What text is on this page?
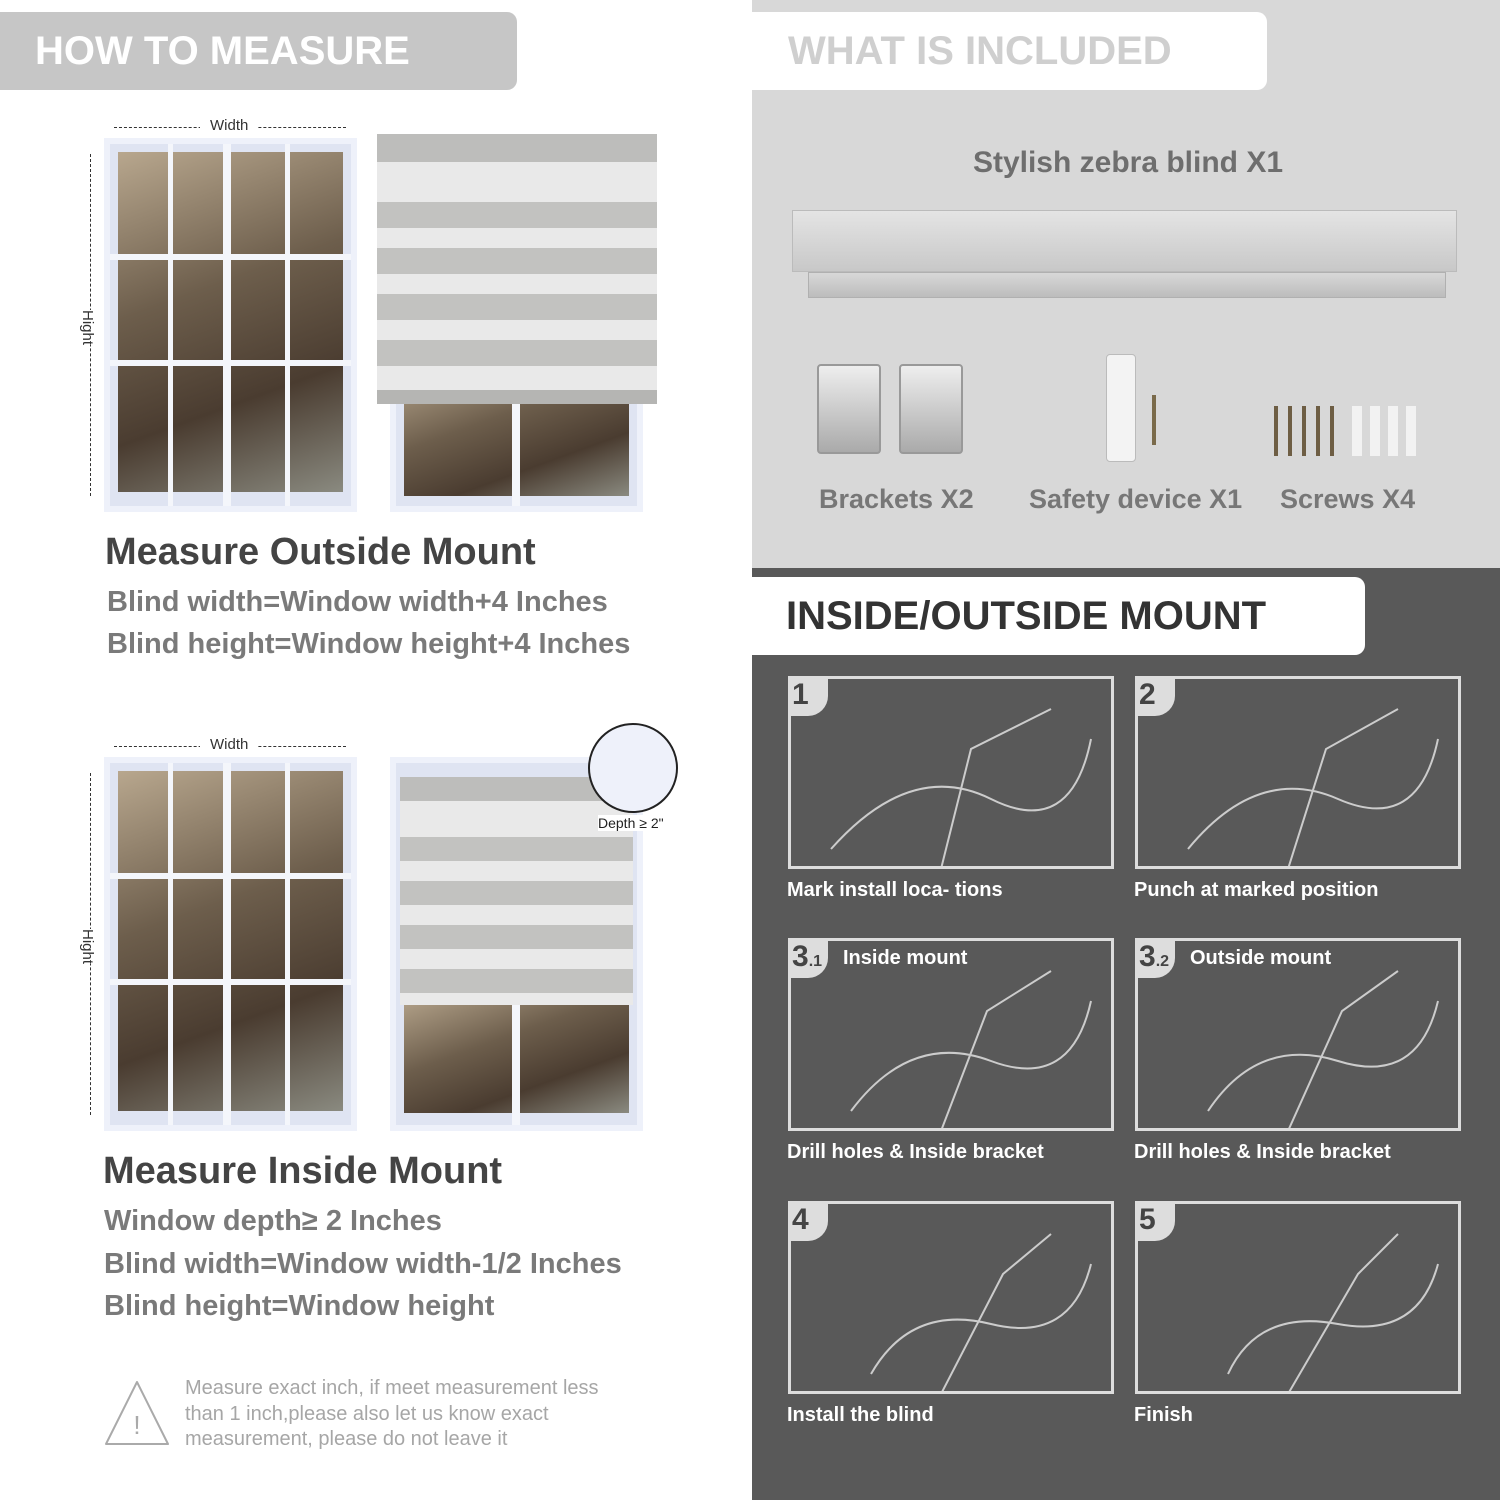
HOW TO MEASURE
Width
Hight
Measure Outside Mount
Blind width=Window width+4 Inches
Blind height=Window height+4 Inches
Width
Hight
Depth ≥ 2"
Measure Inside Mount
Window depth≥ 2 Inches
Blind width=Window width-1/2 Inches
Blind height=Window height
!
Measure exact inch, if meet measurement less
than 1 inch,please also let us know exact
measurement, please do not leave it
WHAT IS INCLUDED
Stylish zebra blind X1
Brackets X2 Safety device X1 Screws X4
INSIDE/OUTSIDE MOUNT
1
Mark install loca- tions
2
Punch at marked position
3.1 Inside mount
Drill holes & Inside bracket
3.2 Outside mount
Drill holes & Inside bracket
4
Install the blind
5
Finish
